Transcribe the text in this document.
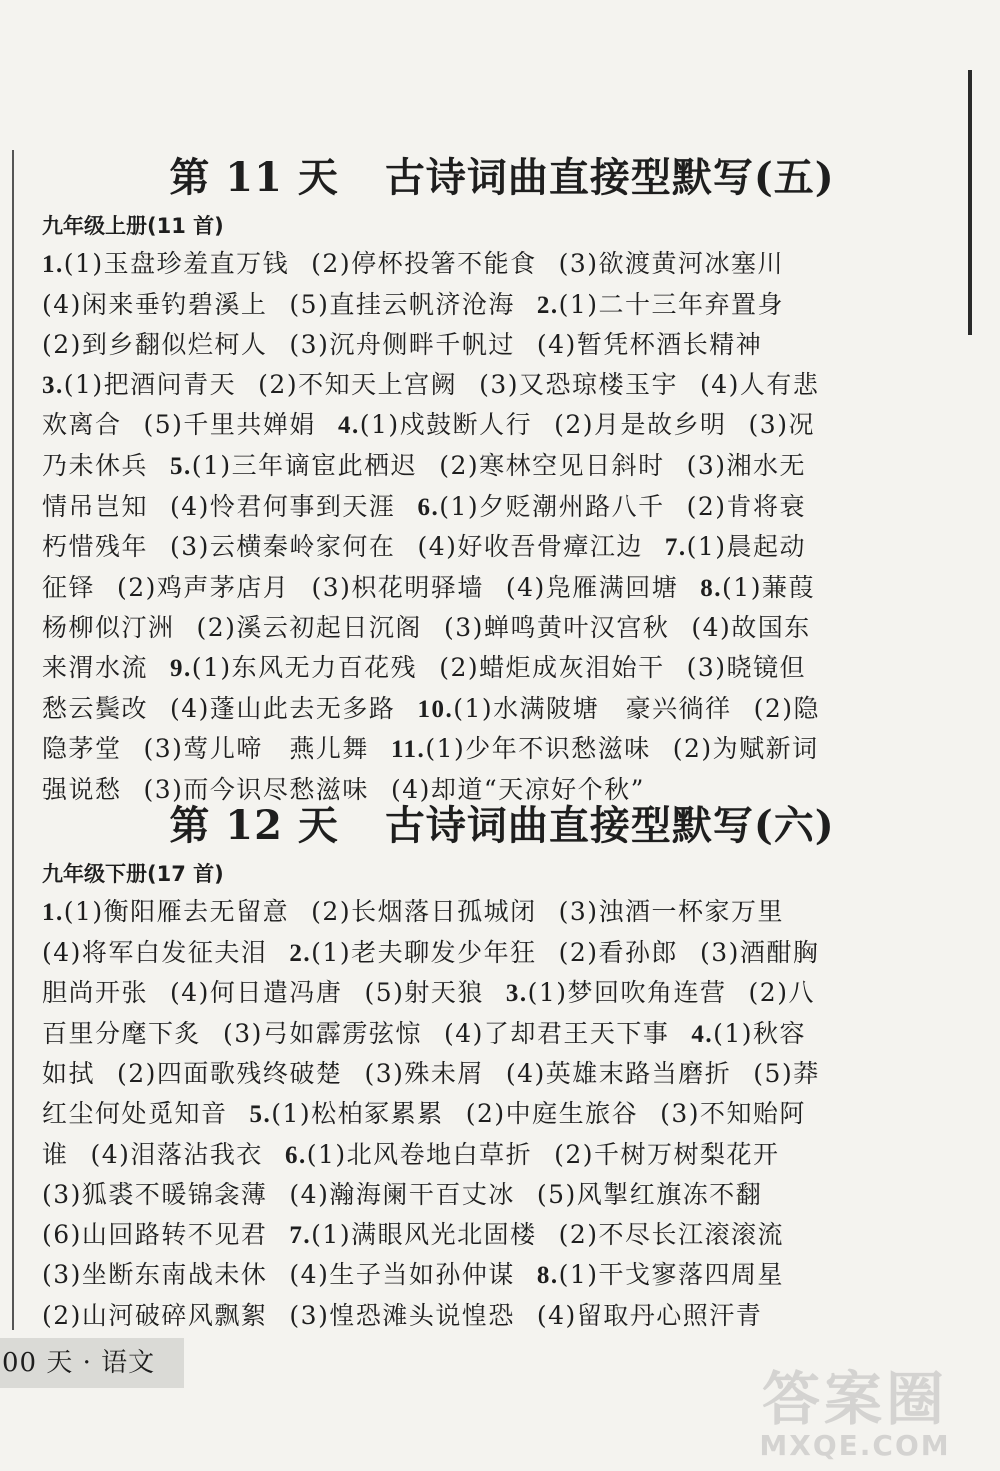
第 11 天 古诗词曲直接型默写(五)
九年级上册(11 首)
1.(1)玉盘珍羞直万钱 (2)停杯投箸不能食 (3)欲渡黄河冰塞川
(4)闲来垂钓碧溪上 (5)直挂云帆济沧海 2.(1)二十三年弃置身
(2)到乡翻似烂柯人 (3)沉舟侧畔千帆过 (4)暂凭杯酒长精神
3.(1)把酒问青天 (2)不知天上宫阙 (3)又恐琼楼玉宇 (4)人有悲
欢离合 (5)千里共婵娟 4.(1)戍鼓断人行 (2)月是故乡明 (3)况
乃未休兵 5.(1)三年谪宦此栖迟 (2)寒林空见日斜时 (3)湘水无
情吊岂知 (4)怜君何事到天涯 6.(1)夕贬潮州路八千 (2)肯将衰
朽惜残年 (3)云横秦岭家何在 (4)好收吾骨瘴江边 7.(1)晨起动
征铎 (2)鸡声茅店月 (3)枳花明驿墙 (4)凫雁满回塘 8.(1)蒹葭
杨柳似汀洲 (2)溪云初起日沉阁 (3)蝉鸣黄叶汉宫秋 (4)故国东
来渭水流 9.(1)东风无力百花残 (2)蜡炬成灰泪始干 (3)晓镜但
愁云鬓改 (4)蓬山此去无多路 10.(1)水满陂塘　豪兴徜徉 (2)隐
隐茅堂 (3)莺儿啼　燕儿舞 11.(1)少年不识愁滋味 (2)为赋新词
强说愁 (3)而今识尽愁滋味 (4)却道“天凉好个秋”
第 12 天 古诗词曲直接型默写(六)
九年级下册(17 首)
1.(1)衡阳雁去无留意 (2)长烟落日孤城闭 (3)浊酒一杯家万里
(4)将军白发征夫泪 2.(1)老夫聊发少年狂 (2)看孙郎 (3)酒酣胸
胆尚开张 (4)何日遣冯唐 (5)射天狼 3.(1)梦回吹角连营 (2)八
百里分麾下炙 (3)弓如霹雳弦惊 (4)了却君王天下事 4.(1)秋容
如拭 (2)四面歌残终破楚 (3)殊未屑 (4)英雄末路当磨折 (5)莽
红尘何处觅知音 5.(1)松柏冢累累 (2)中庭生旅谷 (3)不知贻阿
谁 (4)泪落沾我衣 6.(1)北风卷地白草折 (2)千树万树梨花开
(3)狐裘不暖锦衾薄 (4)瀚海阑干百丈冰 (5)风掣红旗冻不翻
(6)山回路转不见君 7.(1)满眼风光北固楼 (2)不尽长江滚滚流
(3)坐断东南战未休 (4)生子当如孙仲谋 8.(1)干戈寥落四周星
(2)山河破碎风飘絮 (3)惶恐滩头说惶恐 (4)留取丹心照汗青
00 天 · 语文
答案圈
MXQE.COM
